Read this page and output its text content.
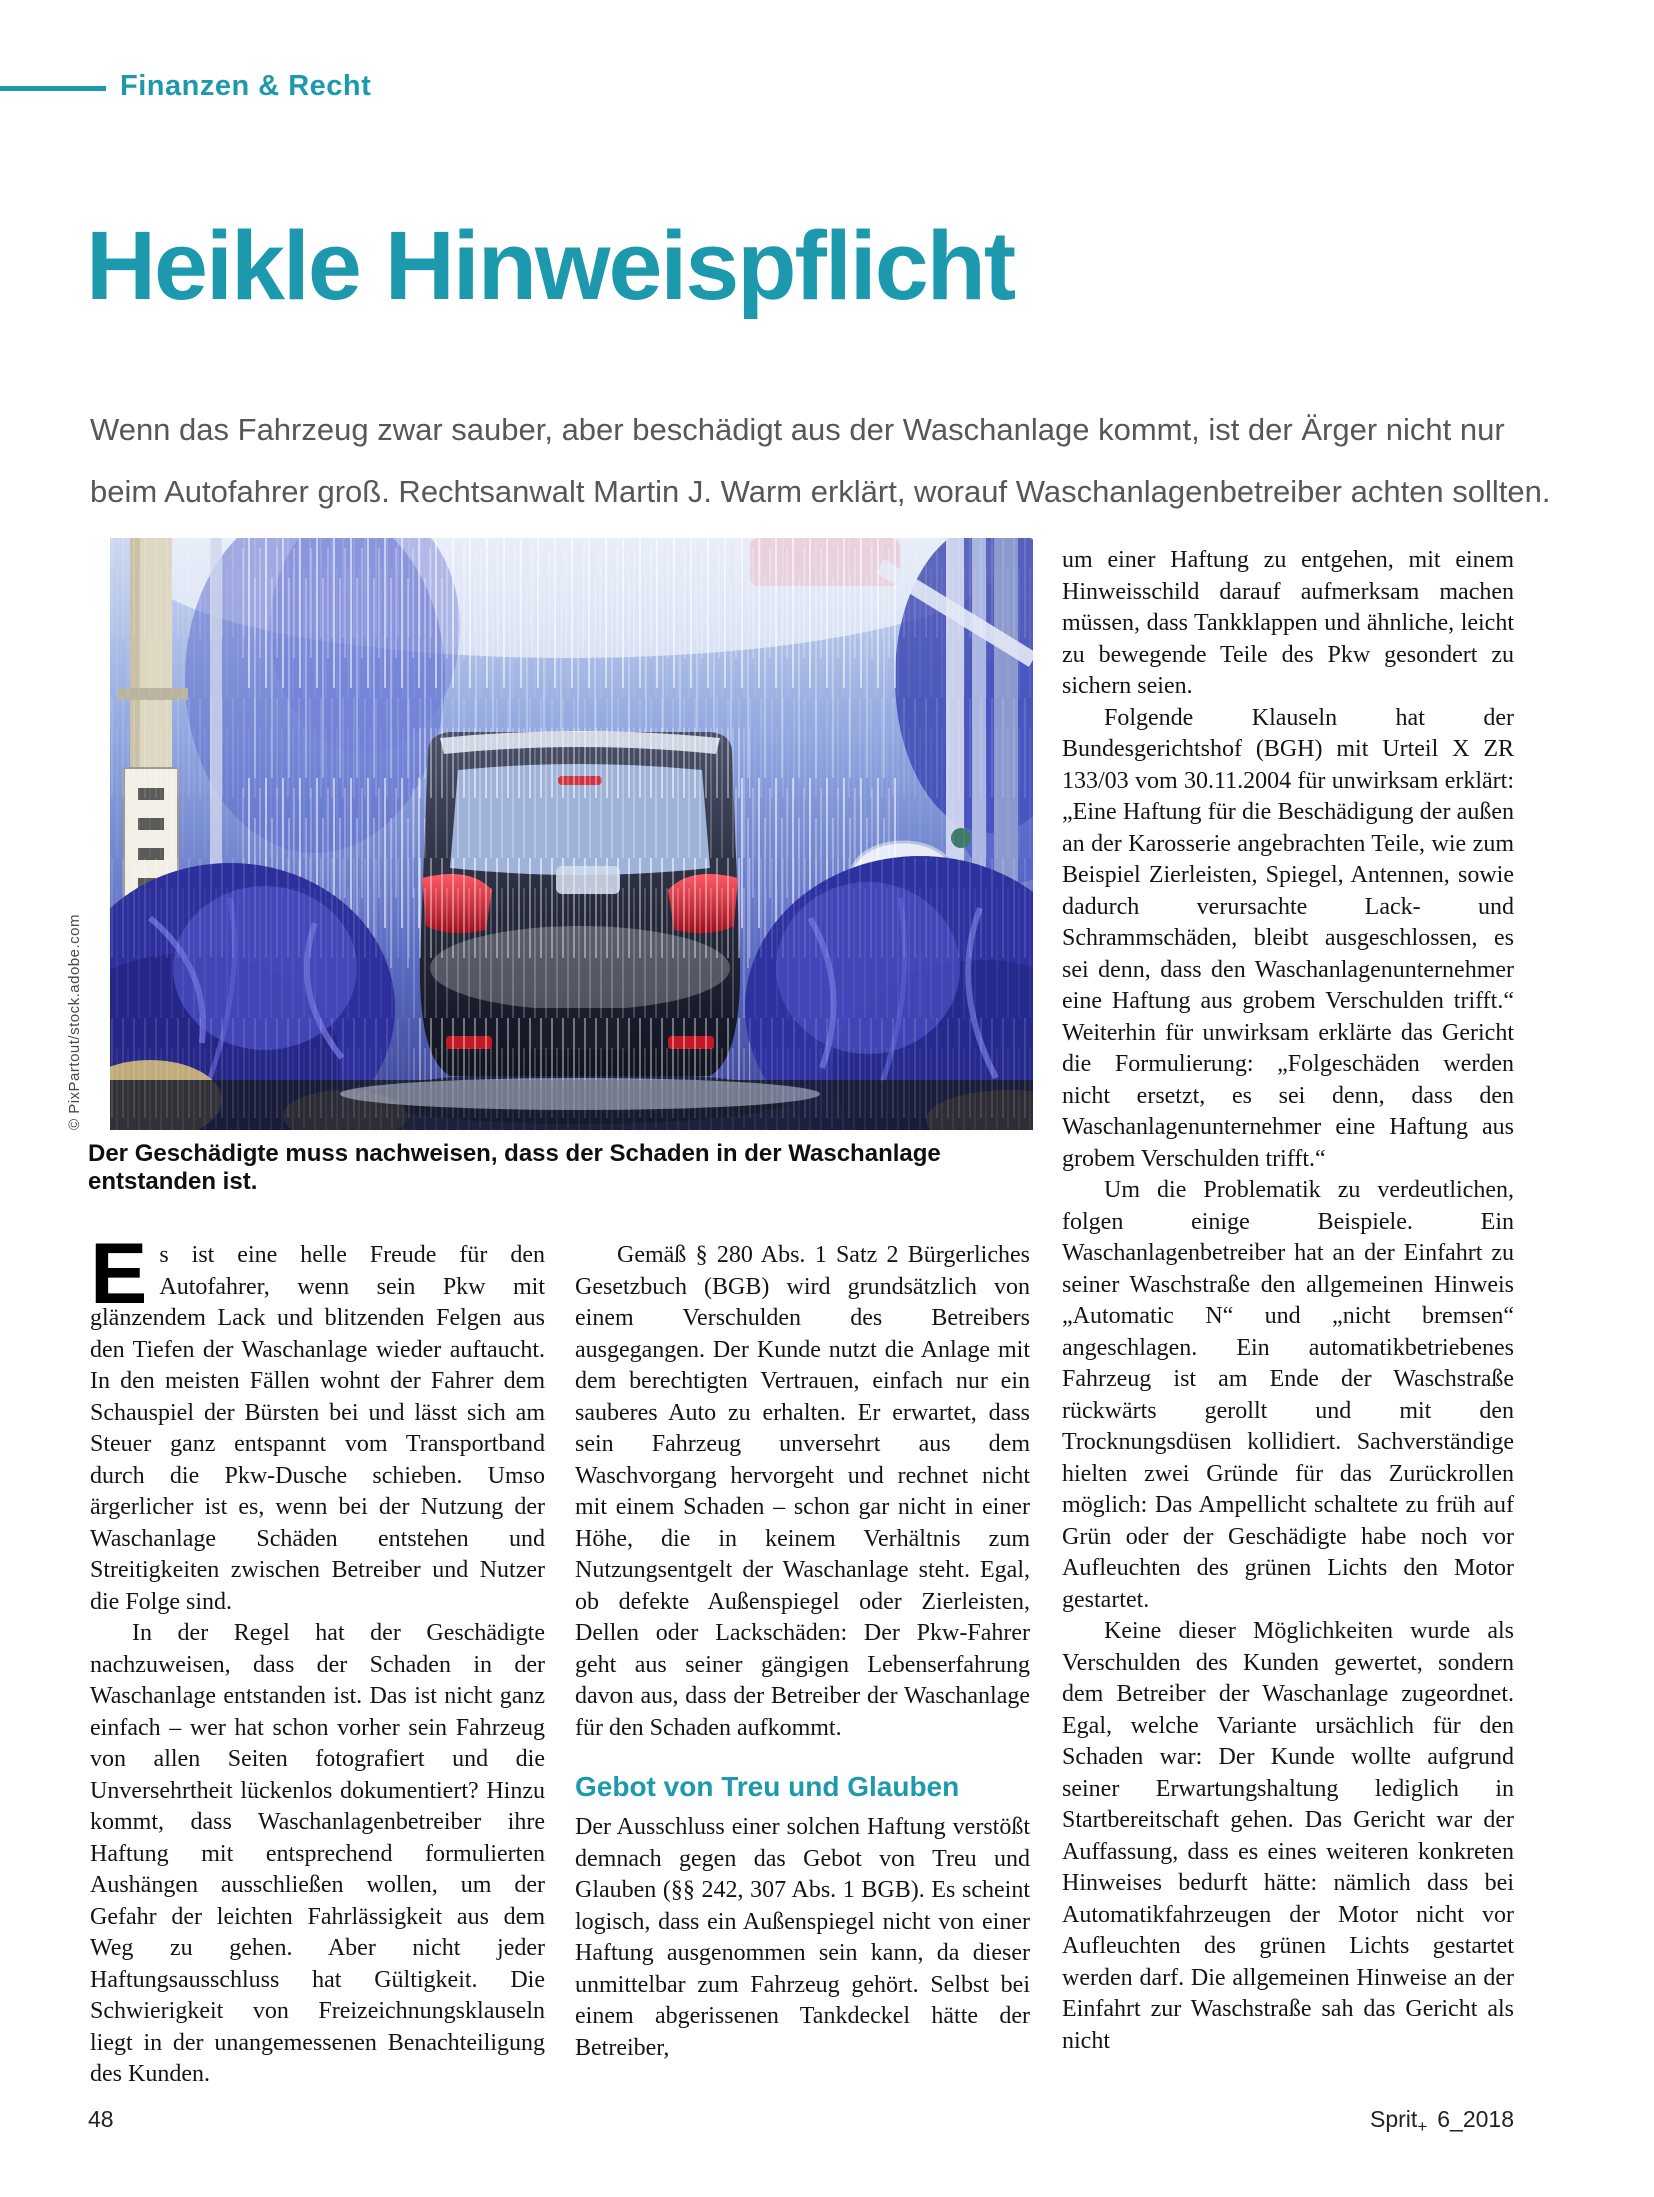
Finanzen & Recht
Heikle Hinweispflicht

Wenn das Fahrzeug zwar sauber, aber beschädigt aus der Waschanlage kommt, ist der Ärger nicht nur beim Autofahrer groß. Rechtsanwalt Martin J. Warm erklärt, worauf Waschanlagenbetreiber achten sollten.

© PixPartout/stock.adobe.com
Der Geschädigte muss nachweisen, dass der Schaden in der Waschanlage entstanden ist.

Es ist eine helle Freude für den Autofahrer, wenn sein Pkw mit glänzendem Lack und blitzenden Felgen aus den Tiefen der Waschanlage wieder auftaucht. In den meisten Fällen wohnt der Fahrer dem Schauspiel der Bürsten bei und lässt sich am Steuer ganz entspannt vom Transportband durch die Pkw-Dusche schieben. Umso ärgerlicher ist es, wenn bei der Nutzung der Waschanlage Schäden entstehen und Streitigkeiten zwischen Betreiber und Nutzer die Folge sind.

In der Regel hat der Geschädigte nachzuweisen, dass der Schaden in der Waschanlage entstanden ist. Das ist nicht ganz einfach – wer hat schon vorher sein Fahrzeug von allen Seiten fotografiert und die Unversehrtheit lückenlos dokumentiert? Hinzu kommt, dass Waschanlagenbetreiber ihre Haftung mit entsprechend formulierten Aushängen ausschließen wollen, um der Gefahr der leichten Fahrlässigkeit aus dem Weg zu gehen. Aber nicht jeder Haftungsausschluss hat Gültigkeit. Die Schwierigkeit von Freizeichnungsklauseln liegt in der unangemessenen Benachteiligung des Kunden.

Gemäß § 280 Abs. 1 Satz 2 Bürgerliches Gesetzbuch (BGB) wird grundsätzlich von einem Verschulden des Betreibers ausgegangen. Der Kunde nutzt die Anlage mit dem berechtigten Vertrauen, einfach nur ein sauberes Auto zu erhalten. Er erwartet, dass sein Fahrzeug unversehrt aus dem Waschvorgang hervorgeht und rechnet nicht mit einem Schaden – schon gar nicht in einer Höhe, die in keinem Verhältnis zum Nutzungsentgelt der Waschanlage steht. Egal, ob defekte Außenspiegel oder Zierleisten, Dellen oder Lackschäden: Der Pkw-Fahrer geht aus seiner gängigen Lebenserfahrung davon aus, dass der Betreiber der Waschanlage für den Schaden aufkommt.

Gebot von Treu und Glauben

Der Ausschluss einer solchen Haftung verstößt demnach gegen das Gebot von Treu und Glauben (§§ 242, 307 Abs. 1 BGB). Es scheint logisch, dass ein Außenspiegel nicht von einer Haftung ausgenommen sein kann, da dieser unmittelbar zum Fahrzeug gehört. Selbst bei einem abgerissenen Tankdeckel hätte der Betreiber,

um einer Haftung zu entgehen, mit einem Hinweisschild darauf aufmerksam machen müssen, dass Tankklappen und ähnliche, leicht zu bewegende Teile des Pkw gesondert zu sichern seien.

Folgende Klauseln hat der Bundesgerichtshof (BGH) mit Urteil X ZR 133/03 vom 30.11.2004 für unwirksam erklärt: „Eine Haftung für die Beschädigung der außen an der Karosserie angebrachten Teile, wie zum Beispiel Zierleisten, Spiegel, Antennen, sowie dadurch verursachte Lack- und Schrammschäden, bleibt ausgeschlossen, es sei denn, dass den Waschanlagenunternehmer eine Haftung aus grobem Verschulden trifft.“ Weiterhin für unwirksam erklärte das Gericht die Formulierung: „Folgeschäden werden nicht ersetzt, es sei denn, dass den Waschanlagenunternehmer eine Haftung aus grobem Verschulden trifft.“

Um die Problematik zu verdeutlichen, folgen einige Beispiele. Ein Waschanlagenbetreiber hat an der Einfahrt zu seiner Waschstraße den allgemeinen Hinweis „Automatic N“ und „nicht bremsen“ angeschlagen. Ein automatikbetriebenes Fahrzeug ist am Ende der Waschstraße rückwärts gerollt und mit den Trocknungsdüsen kollidiert. Sachverständige hielten zwei Gründe für das Zurückrollen möglich: Das Ampellicht schaltete zu früh auf Grün oder der Geschädigte habe noch vor Aufleuchten des grünen Lichts den Motor gestartet.

Keine dieser Möglichkeiten wurde als Verschulden des Kunden gewertet, sondern dem Betreiber der Waschanlage zugeordnet. Egal, welche Variante ursächlich für den Schaden war: Der Kunde wollte aufgrund seiner Erwartungshaltung lediglich in Startbereitschaft gehen. Das Gericht war der Auffassung, dass es eines weiteren konkreten Hinweises bedurft hätte: nämlich dass bei Automatikfahrzeugen der Motor nicht vor Aufleuchten des grünen Lichts gestartet werden darf. Die allgemeinen Hinweise an der Einfahrt zur Waschstraße sah das Gericht als nicht

48	Sprit$_+$ 6_2018
